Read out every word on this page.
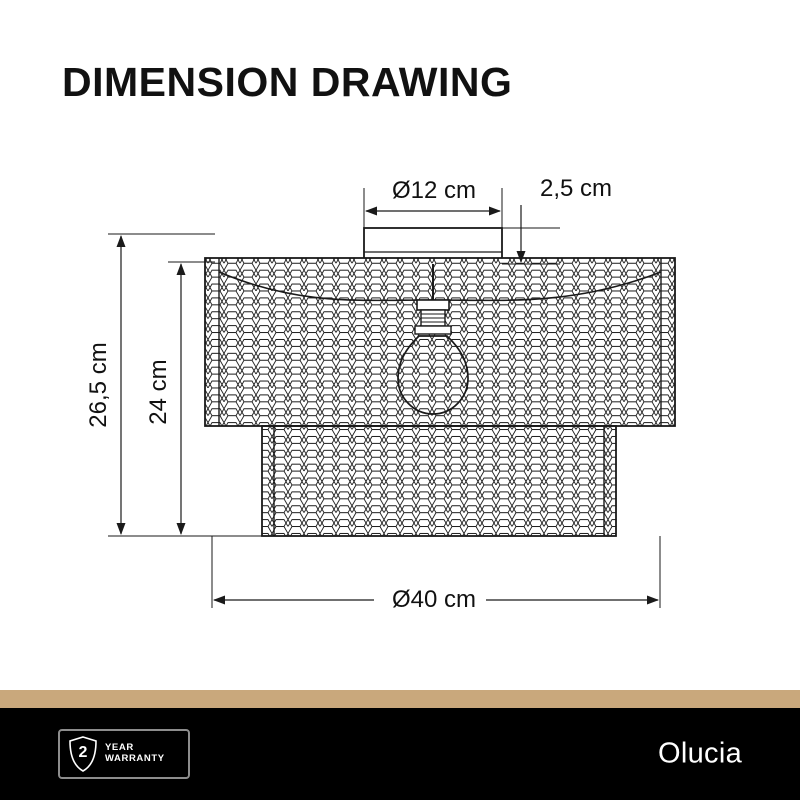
DIMENSION DRAWING
Ø12 cm	2,5 cm
26,5 cm 24 cm
Ø40 cm
2	YEAR
WARRANTY	Olucia
